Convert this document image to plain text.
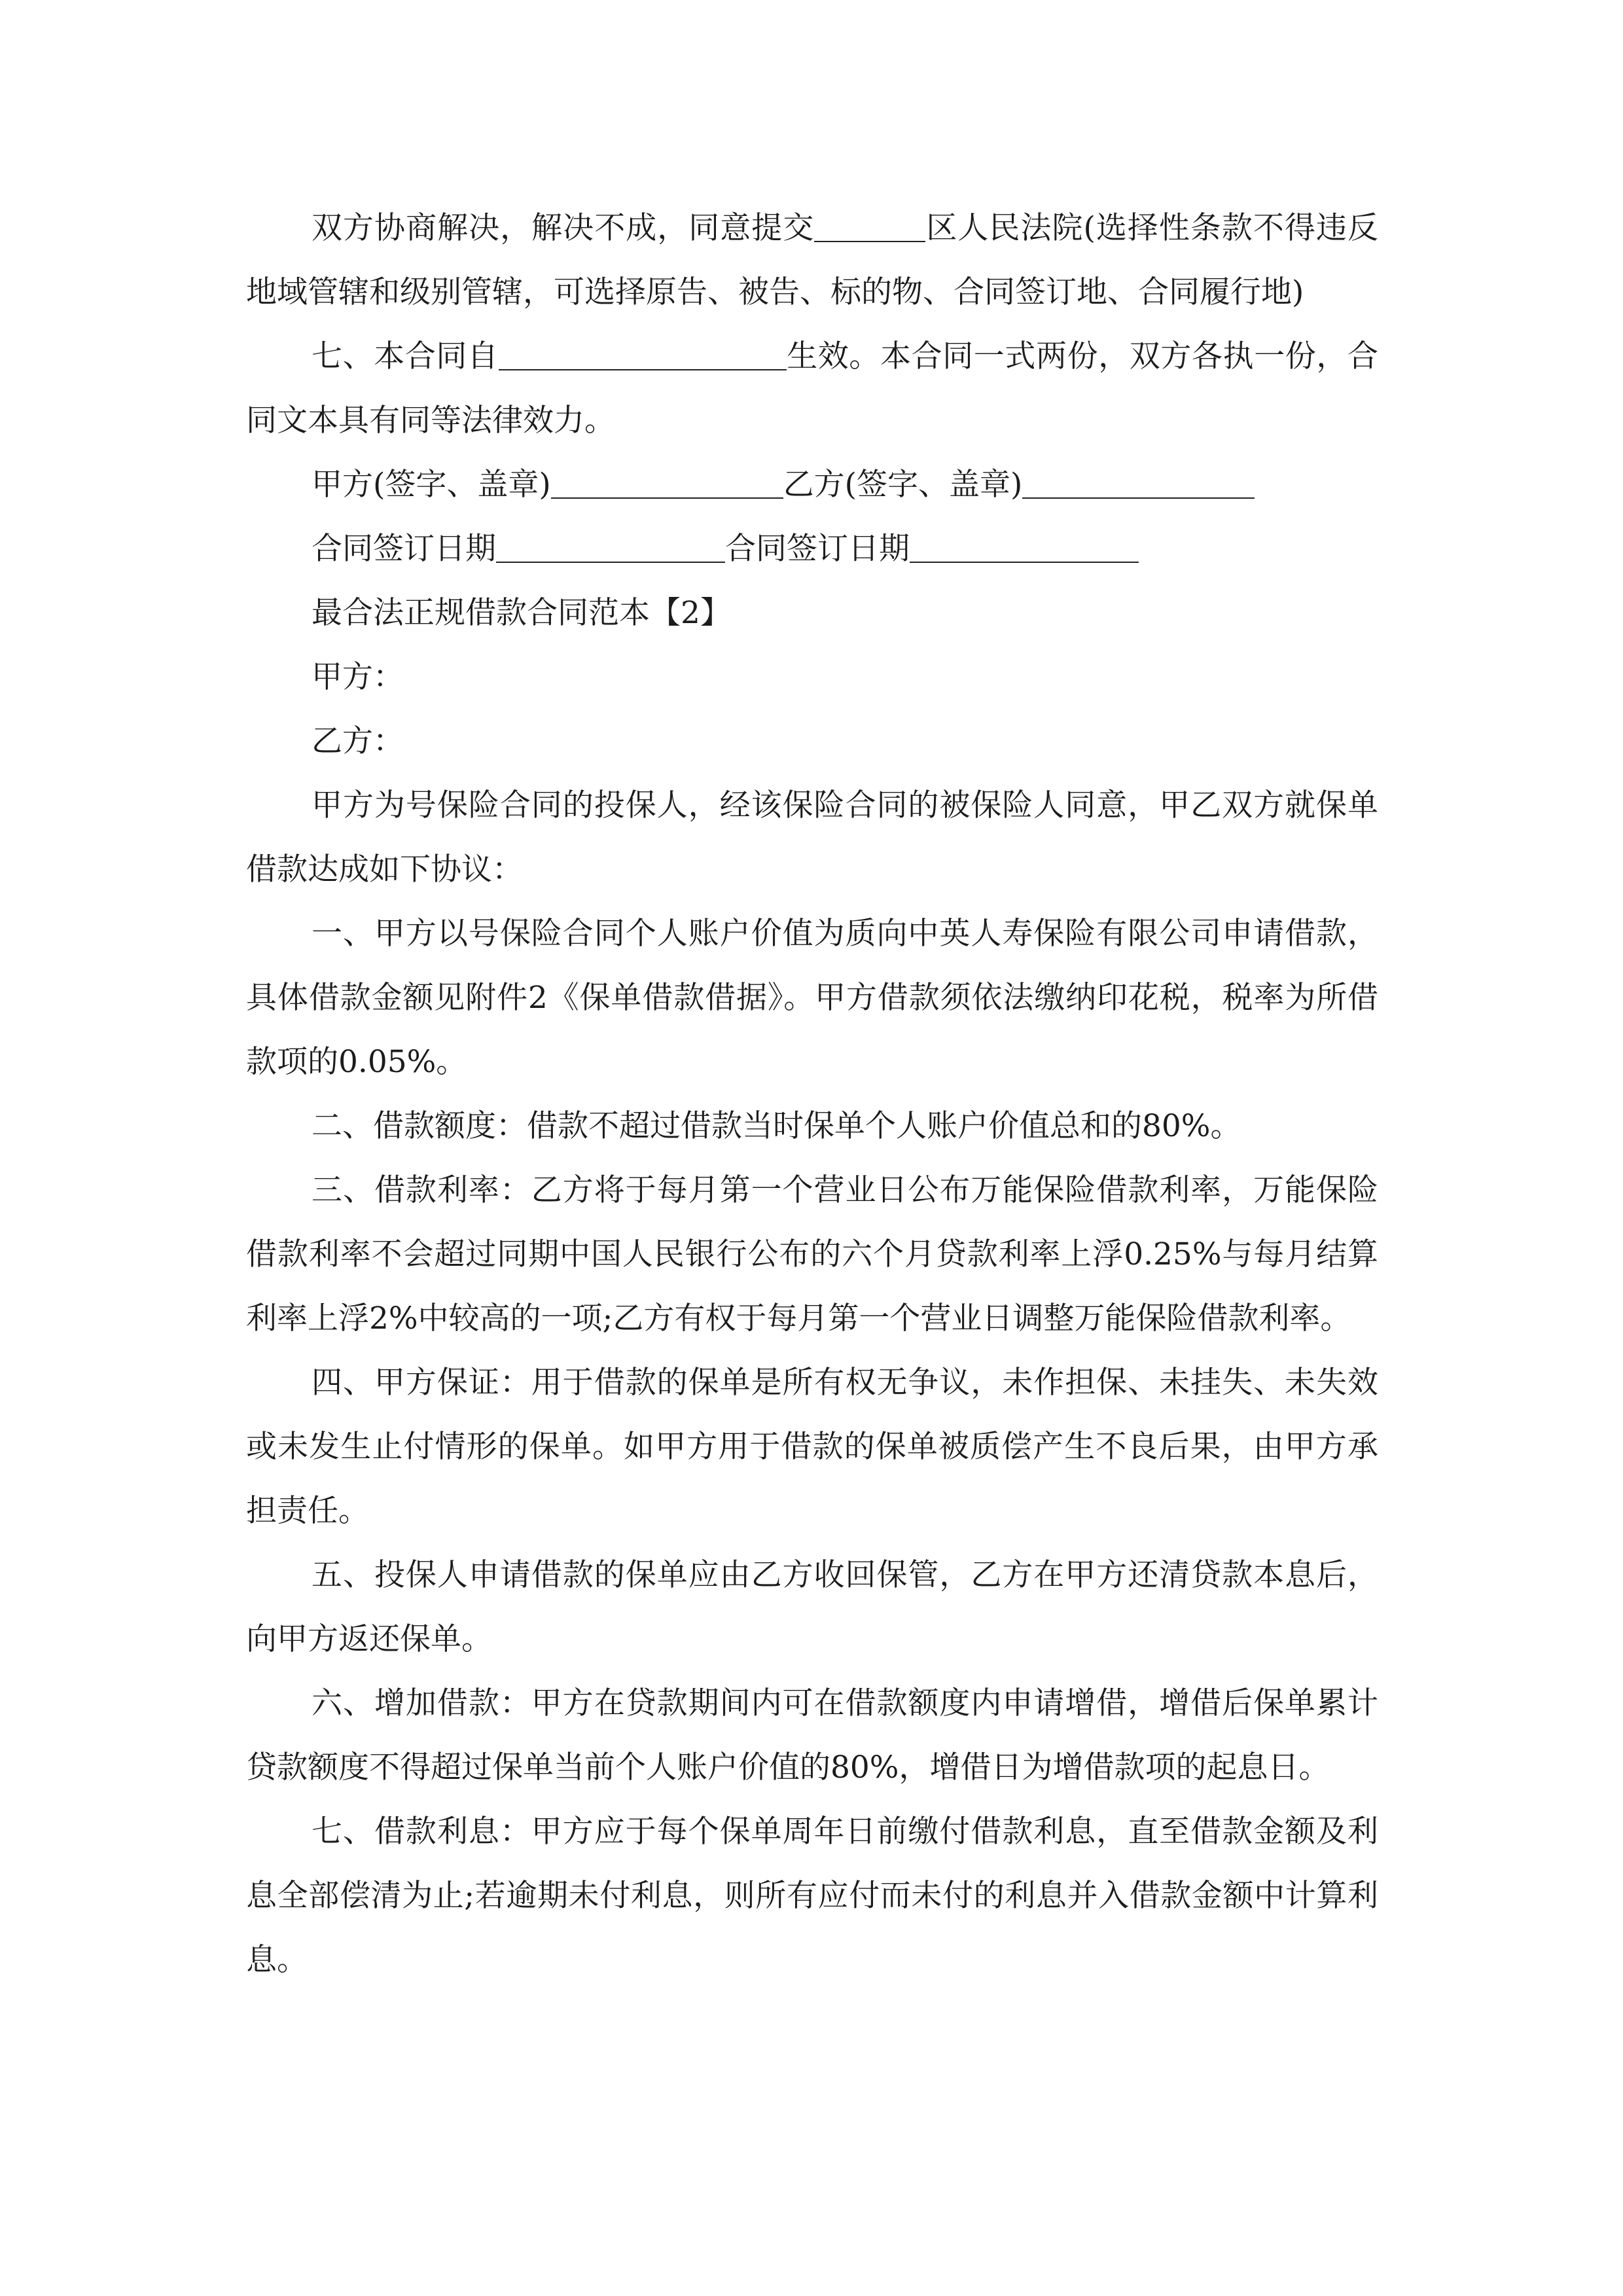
双方协商解决，解决不成，同意提交	区人民法院(选择性条款不得违反地域管辖和级别管辖，可选择原告、被告、标的物、合同签订地、合同履行地)

七、本合同自	生效。本合同一式两份，双方各执一份，合同文本具有同等法律效力。

甲方(签字、盖章)	乙方(签字、盖章)

合同签订日期	合同签订日期

最合法正规借款合同范本【2】

甲方：

乙方：

甲方为号保险合同的投保人，经该保险合同的被保险人同意，甲乙双方就保单借款达成如下协议：

一、甲方以号保险合同个人账户价值为质向中英人寿保险有限公司申请借款，具体借款金额见附件2《保单借款借据》。甲方借款须依法缴纳印花税，税率为所借款项的0.05%。

二、借款额度：借款不超过借款当时保单个人账户价值总和的80%。

三、借款利率：乙方将于每月第一个营业日公布万能保险借款利率，万能保险借款利率不会超过同期中国人民银行公布的六个月贷款利率上浮0.25%与每月结算利率上浮2%中较高的一项;乙方有权于每月第一个营业日调整万能保险借款利率。

四、甲方保证：用于借款的保单是所有权无争议，未作担保、未挂失、未失效或未发生止付情形的保单。如甲方用于借款的保单被质偿产生不良后果，由甲方承担责任。

五、投保人申请借款的保单应由乙方收回保管，乙方在甲方还清贷款本息后，向甲方返还保单。

六、增加借款：甲方在贷款期间内可在借款额度内申请增借，增借后保单累计贷款额度不得超过保单当前个人账户价值的80%，增借日为增借款项的起息日。

七、借款利息：甲方应于每个保单周年日前缴付借款利息，直至借款金额及利息全部偿清为止;若逾期未付利息，则所有应付而未付的利息并入借款金额中计算利息。
